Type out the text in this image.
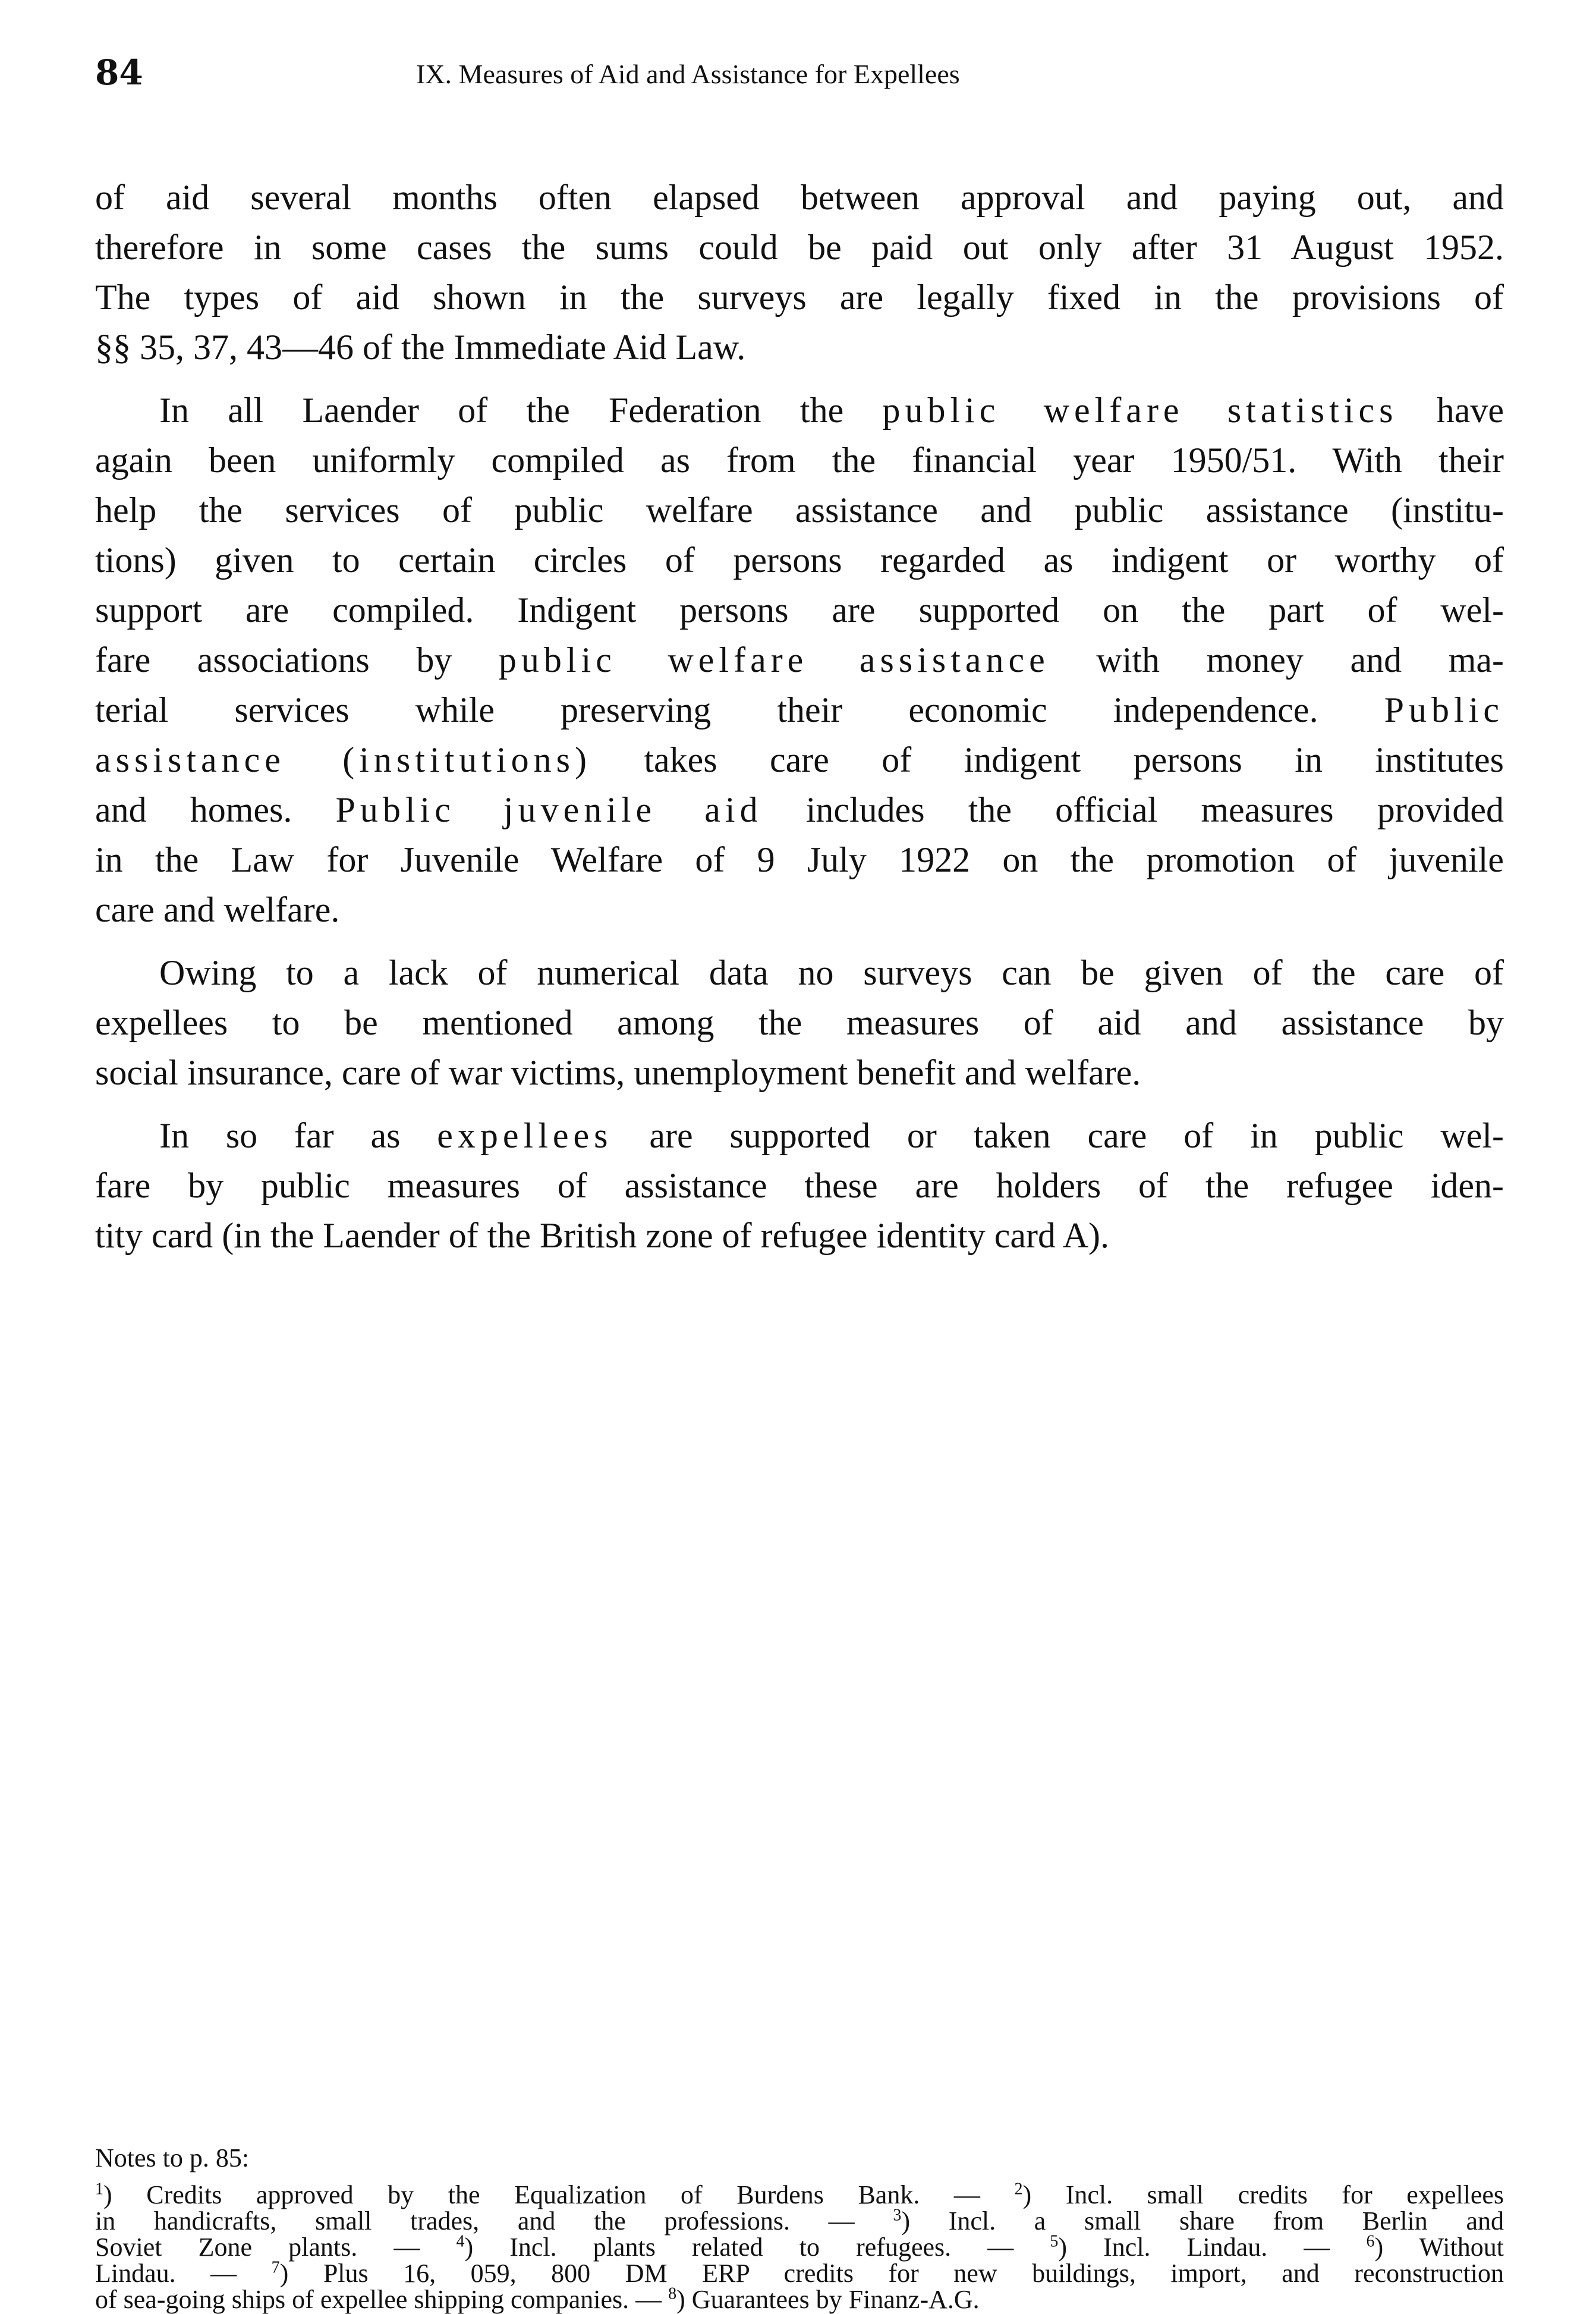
84	IX. Measures of Aid and Assistance for Expellees

of aid several months often elapsed between approval and paying out, and
therefore in some cases the sums could be paid out only after 31 August 1952.
The types of aid shown in the surveys are legally fixed in the provisions of
§§ 35, 37, 43—46 of the Immediate Aid Law.

In all Laender of the Federation the public welfare statistics have
again been uniformly compiled as from the financial year 1950/51. With their
help the services of public welfare assistance and public assistance (institu-
tions) given to certain circles of persons regarded as indigent or worthy of
support are compiled. Indigent persons are supported on the part of wel-
fare associations by public welfare assistance with money and ma-
terial services while preserving their economic independence. Public
assistance (institutions) takes care of indigent persons in institutes
and homes. Public juvenile aid includes the official measures provided
in the Law for Juvenile Welfare of 9 July 1922 on the promotion of juvenile
care and welfare.

Owing to a lack of numerical data no surveys can be given of the care of
expellees to be mentioned among the measures of aid and assistance by
social insurance, care of war victims, unemployment benefit and welfare.

In so far as expellees are supported or taken care of in public wel-
fare by public measures of assistance these are holders of the refugee iden-
tity card (in the Laender of the British zone of refugee identity card A).

Notes to p. 85:
$^1$) Credits approved by the Equalization of Burdens Bank. — $^2$) Incl. small credits for expellees
in handicrafts, small trades, and the professions. — $^3$) Incl. a small share from Berlin and
Soviet Zone plants. — $^4$) Incl. plants related to refugees. — $^5$) Incl. Lindau. — $^6$) Without
Lindau. — $^7$) Plus 16, 059, 800 DM ERP credits for new buildings, import, and reconstruction
of sea-going ships of expellee shipping companies. — $^8$) Guarantees by Finanz-A.G.
